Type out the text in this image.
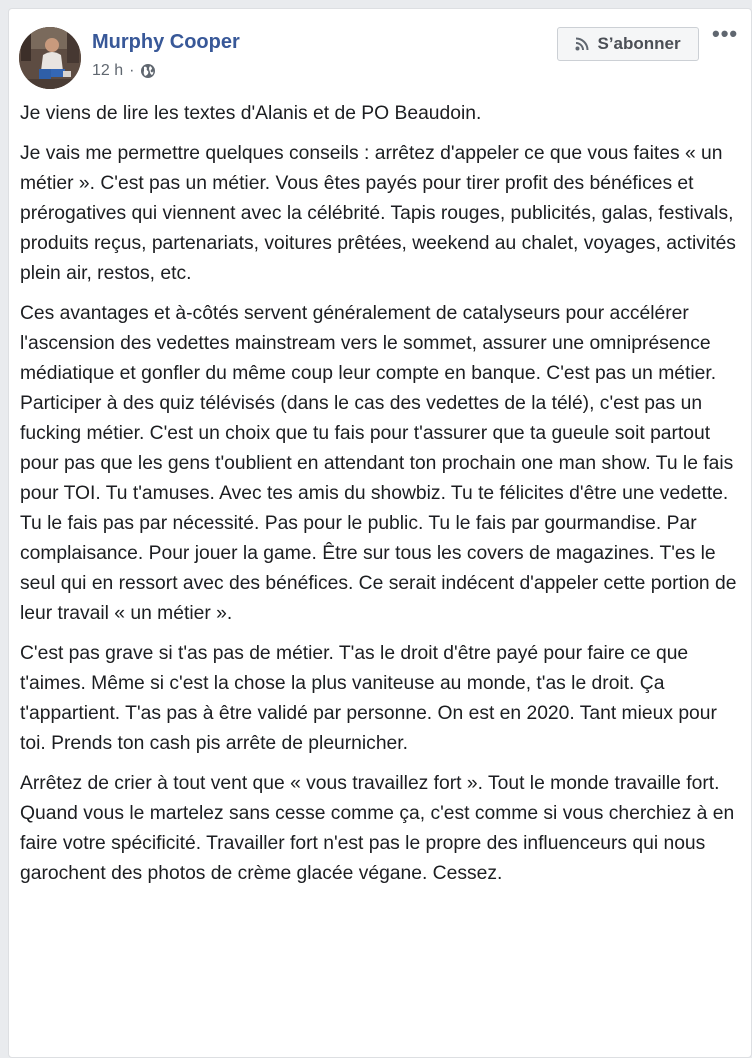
Murphy Cooper
12 h ·
S’abonner •••

Je viens de lire les textes d'Alanis et de PO Beaudoin.

Je vais me permettre quelques conseils : arrêtez d'appeler ce que vous faites « un métier ». C'est pas un métier. Vous êtes payés pour tirer profit des bénéfices et prérogatives qui viennent avec la célébrité. Tapis rouges, publicités, galas, festivals, produits reçus, partenariats, voitures prêtées, weekend au chalet, voyages, activités plein air, restos, etc.

Ces avantages et à-côtés servent généralement de catalyseurs pour accélérer l'ascension des vedettes mainstream vers le sommet, assurer une omniprésence médiatique et gonfler du même coup leur compte en banque. C'est pas un métier. Participer à des quiz télévisés (dans le cas des vedettes de la télé), c'est pas un fucking métier. C'est un choix que tu fais pour t'assurer que ta gueule soit partout pour pas que les gens t'oublient en attendant ton prochain one man show. Tu le fais pour TOI. Tu t'amuses. Avec tes amis du showbiz. Tu te félicites d'être une vedette. Tu le fais pas par nécessité. Pas pour le public. Tu le fais par gourmandise. Par complaisance. Pour jouer la game. Être sur tous les covers de magazines. T'es le seul qui en ressort avec des bénéfices. Ce serait indécent d'appeler cette portion de leur travail « un métier ».

C'est pas grave si t'as pas de métier. T'as le droit d'être payé pour faire ce que t'aimes. Même si c'est la chose la plus vaniteuse au monde, t'as le droit. Ça t'appartient. T'as pas à être validé par personne. On est en 2020. Tant mieux pour toi. Prends ton cash pis arrête de pleurnicher.

Arrêtez de crier à tout vent que « vous travaillez fort ». Tout le monde travaille fort. Quand vous le martelez sans cesse comme ça, c'est comme si vous cherchiez à en faire votre spécificité. Travailler fort n'est pas le propre des influenceurs qui nous garochent des photos de crème glacée végane. Cessez.
